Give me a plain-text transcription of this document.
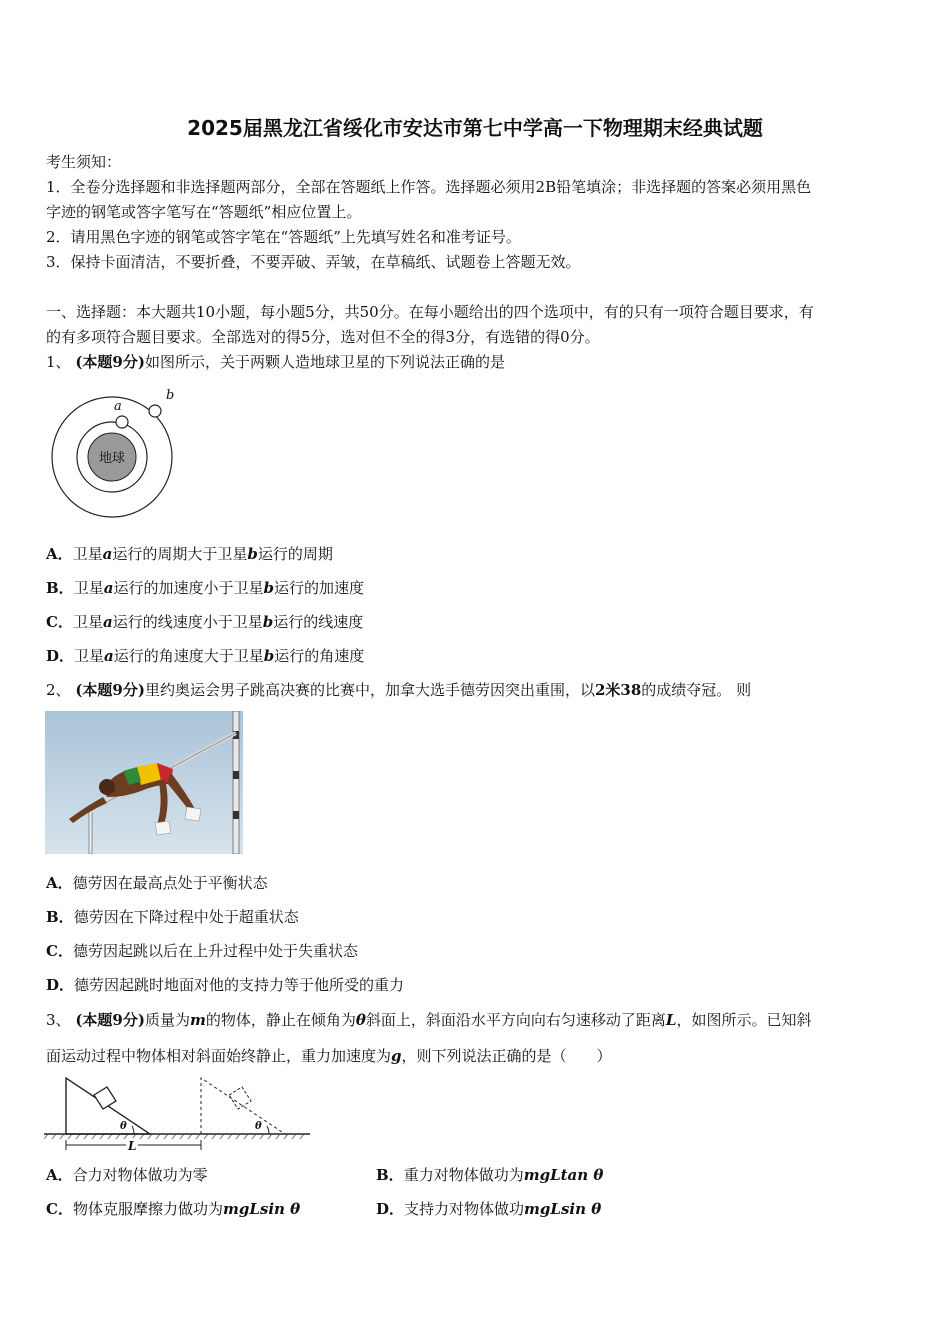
2025届黑龙江省绥化市安达市第七中学高一下物理期末经典试题
考生须知：
1．全卷分选择题和非选择题两部分，全部在答题纸上作答。选择题必须用2B铅笔填涂；非选择题的答案必须用黑色
字迹的钢笔或答字笔写在“答题纸”相应位置上。
2．请用黑色字迹的钢笔或答字笔在“答题纸”上先填写姓名和准考证号。
3．保持卡面清洁，不要折叠，不要弄破、弄皱，在草稿纸、试题卷上答题无效。
一、选择题：本大题共10小题，每小题5分，共50分。在每小题给出的四个选项中，有的只有一项符合题目要求，有
的有多项符合题目要求。全部选对的得5分，选对但不全的得3分，有选错的得0分。
1、 (本题9分)如图所示，关于两颗人造地球卫星的下列说法正确的是
地球
a
b
A．卫星a运行的周期大于卫星b运行的周期
B．卫星a运行的加速度小于卫星b运行的加速度
C．卫星a运行的线速度小于卫星b运行的线速度
D．卫星a运行的角速度大于卫星b运行的角速度
2、 (本题9分)里约奥运会男子跳高决赛的比赛中，加拿大选手德劳因突出重围，以2米38的成绩夺冠。 则
A．德劳因在最高点处于平衡状态
B．德劳因在下降过程中处于超重状态
C．德劳因起跳以后在上升过程中处于失重状态
D．德劳因起跳时地面对他的支持力等于他所受的重力
3、 (本题9分)质量为m的物体，静止在倾角为θ斜面上，斜面沿水平方向向右匀速移动了距离L，如图所示。已知斜
面运动过程中物体相对斜面始终静止，重力加速度为g，则下列说法正确的是（　　）
θ	θ
L
A．合力对物体做功为零	B．重力对物体做功为mgLtan θ
C．物体克服摩擦力做功为mgLsin θ	D．支持力对物体做功mgLsin θ
